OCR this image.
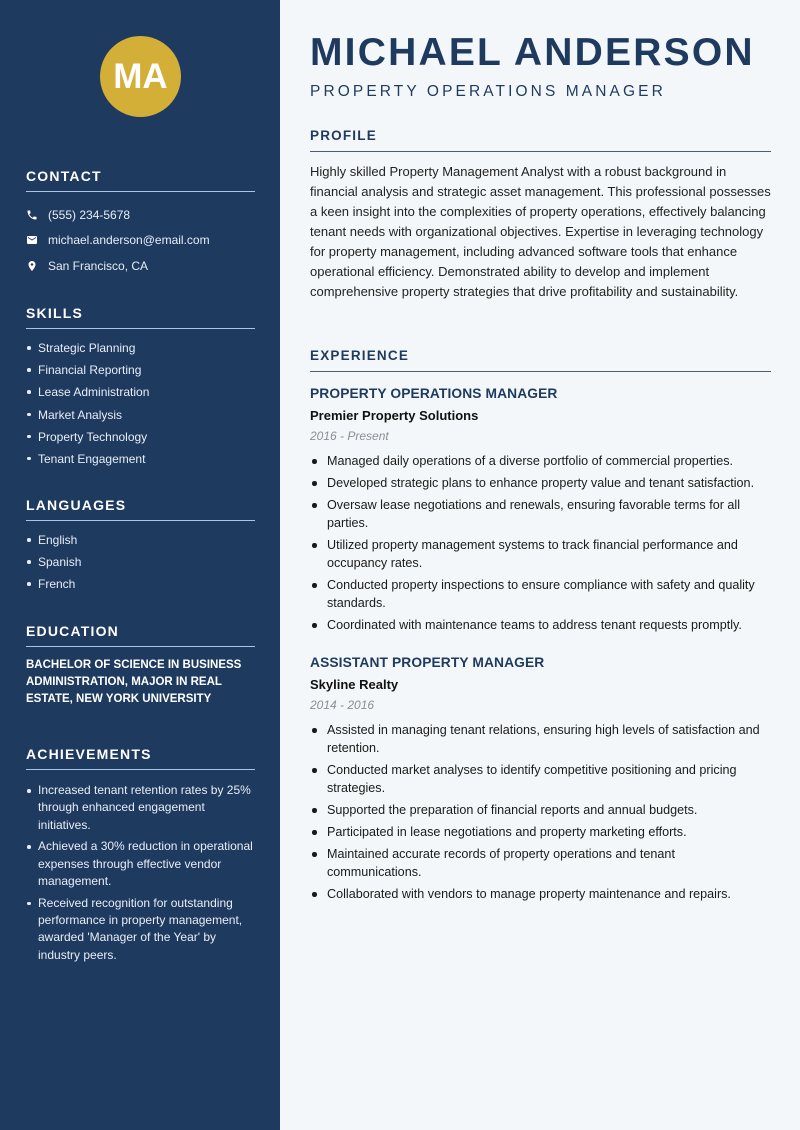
MA
CONTACT
(555) 234-5678
michael.anderson@email.com
San Francisco, CA
SKILLS
Strategic Planning
Financial Reporting
Lease Administration
Market Analysis
Property Technology
Tenant Engagement
LANGUAGES
English
Spanish
French
EDUCATION

BACHELOR OF SCIENCE IN BUSINESS ADMINISTRATION, MAJOR IN REAL ESTATE, NEW YORK UNIVERSITY

ACHIEVEMENTS
Increased tenant retention rates by 25% through enhanced engagement initiatives.
Achieved a 30% reduction in operational expenses through effective vendor management.
Received recognition for outstanding performance in property management, awarded 'Manager of the Year' by industry peers.
MICHAEL ANDERSON
PROPERTY OPERATIONS MANAGER
PROFILE

Highly skilled Property Management Analyst with a robust background in financial analysis and strategic asset management. This professional possesses a keen insight into the complexities of property operations, effectively balancing tenant needs with organizational objectives. Expertise in leveraging technology for property management, including advanced software tools that enhance operational efficiency. Demonstrated ability to develop and implement comprehensive property strategies that drive profitability and sustainability.

EXPERIENCE
PROPERTY OPERATIONS MANAGER
Premier Property Solutions
2016 - Present
Managed daily operations of a diverse portfolio of commercial properties.
Developed strategic plans to enhance property value and tenant satisfaction.
Oversaw lease negotiations and renewals, ensuring favorable terms for all parties.
Utilized property management systems to track financial performance and occupancy rates.
Conducted property inspections to ensure compliance with safety and quality standards.
Coordinated with maintenance teams to address tenant requests promptly.
ASSISTANT PROPERTY MANAGER
Skyline Realty
2014 - 2016
Assisted in managing tenant relations, ensuring high levels of satisfaction and retention.
Conducted market analyses to identify competitive positioning and pricing strategies.
Supported the preparation of financial reports and annual budgets.
Participated in lease negotiations and property marketing efforts.
Maintained accurate records of property operations and tenant communications.
Collaborated with vendors to manage property maintenance and repairs.
